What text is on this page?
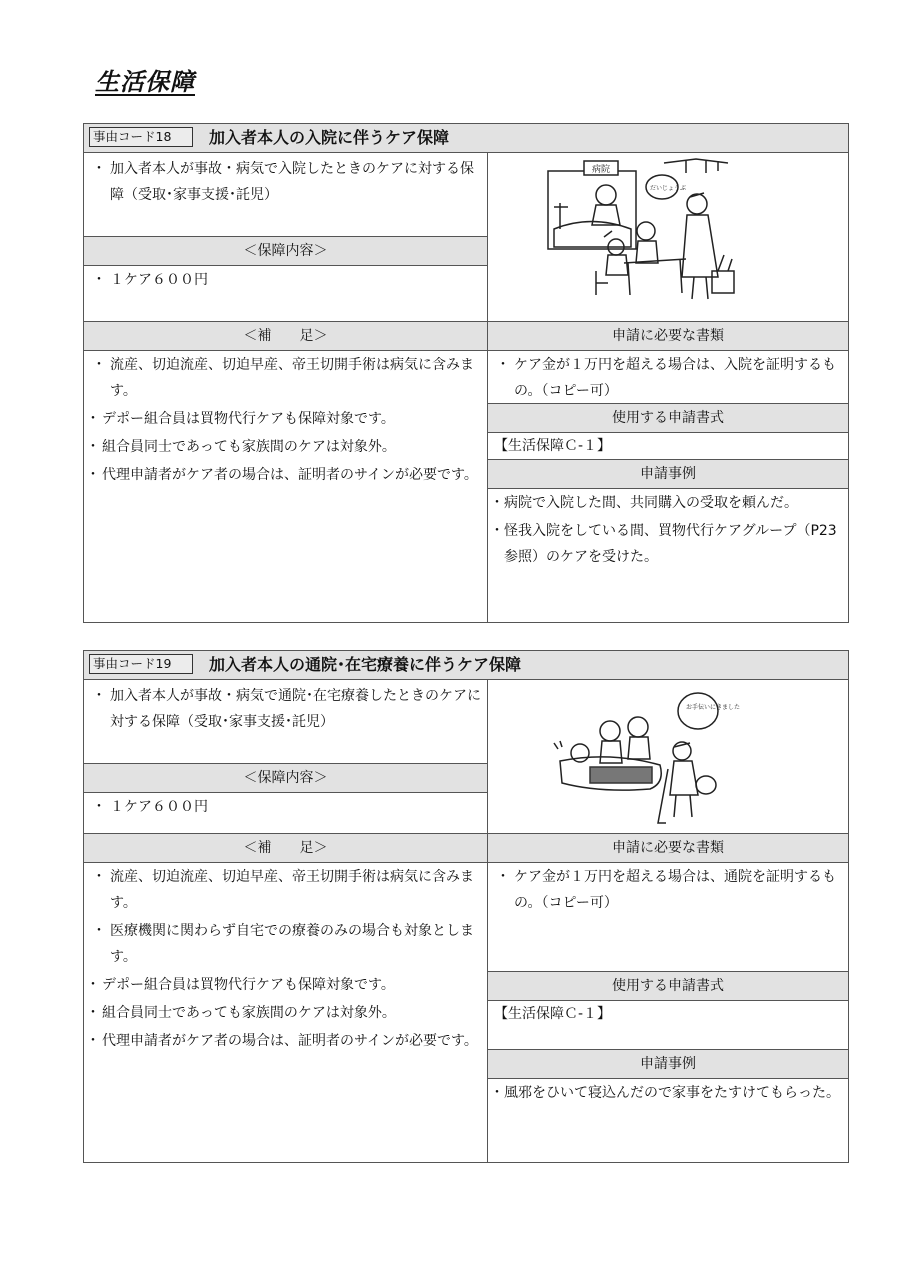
生活保障
事由コード18	加入者本人の入院に伴うケア保障
・ 加入者本人が事故・病気で入院したときのケアに対する保障（受取･家事支援･託児）
＜保障内容＞
・ １ケア６００円
病院
だいじょうぶ
＜補　　足＞	申請に必要な書類
・ 流産、切迫流産、切迫早産、帝王切開手術は病気に含みます。
・ デポー組合員は買物代行ケアも保障対象です。
・ 組合員同士であっても家族間のケアは対象外。
・ 代理申請者がケア者の場合は、証明者のサインが必要です。
・ ケア金が１万円を超える場合は、入院を証明するもの。（コピー可）
使用する申請書式
【生活保障Ｃ‐１】
申請事例
・ 病院で入院した間、共同購入の受取を頼んだ。
・ 怪我入院をしている間、買物代行ケアグループ（P23 参照）のケアを受けた。
事由コード19	加入者本人の通院･在宅療養に伴うケア保障
・ 加入者本人が事故・病気で通院･在宅療養したときのケアに対する保障（受取･家事支援･託児）
＜保障内容＞
・ １ケア６００円
お手伝いにきました
＜補　　足＞	申請に必要な書類
・ 流産、切迫流産、切迫早産、帝王切開手術は病気に含みます。
・ 医療機関に関わらず自宅での療養のみの場合も対象とします。
・ デポー組合員は買物代行ケアも保障対象です。
・ 組合員同士であっても家族間のケアは対象外。
・ 代理申請者がケア者の場合は、証明者のサインが必要です。
・ ケア金が１万円を超える場合は、通院を証明するもの。（コピー可）
使用する申請書式
【生活保障Ｃ‐１】
申請事例
・ 風邪をひいて寝込んだので家事をたすけてもらった。
